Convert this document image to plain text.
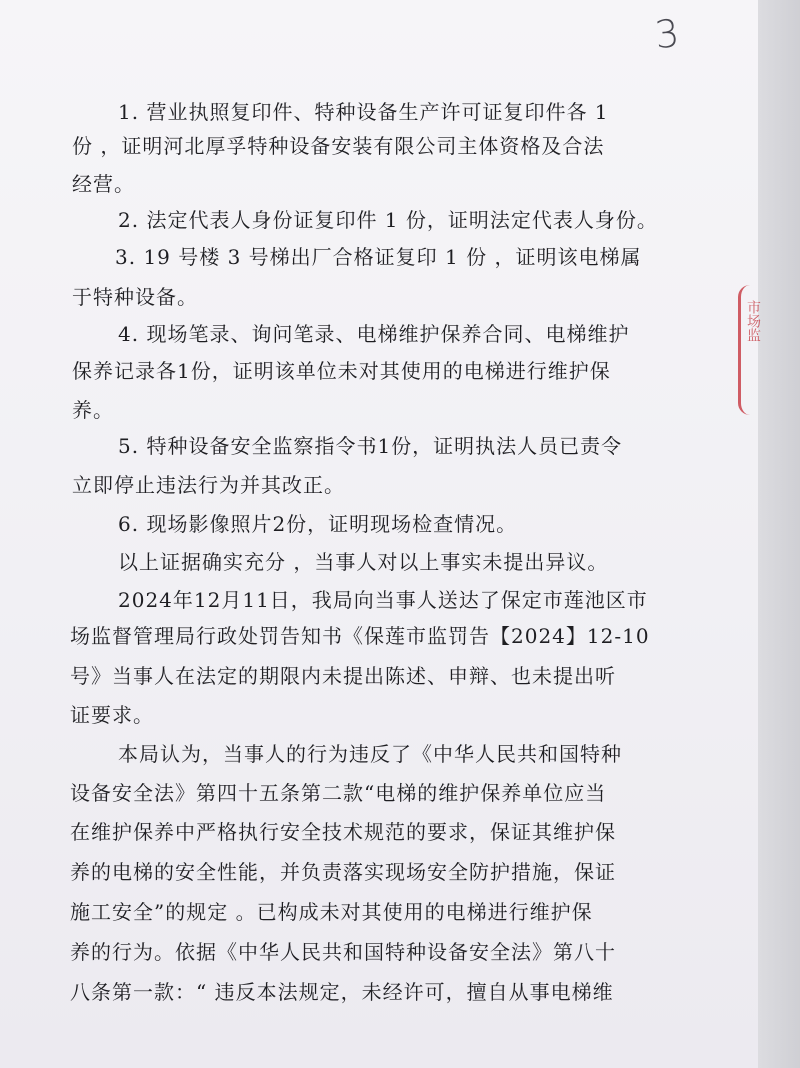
3
市场监
1. 营业执照复印件、特种设备生产许可证复印件各 1
份 ，证明河北厚孚特种设备安装有限公司主体资格及合法
经营。
2. 法定代表人身份证复印件 1 份，证明法定代表人身份。
3. 19 号楼 3 号梯出厂合格证复印 1 份 ，证明该电梯属
于特种设备。
4. 现场笔录、询问笔录、电梯维护保养合同、电梯维护
保养记录各1份，证明该单位未对其使用的电梯进行维护保
养。
5. 特种设备安全监察指令书1份，证明执法人员已责令
立即停止违法行为并其改正。
6. 现场影像照片2份，证明现场检查情况。
以上证据确实充分 ，当事人对以上事实未提出异议。
2024年12月11日，我局向当事人送达了保定市莲池区市
场监督管理局行政处罚告知书《保莲市监罚告【2024】12-10
号》当事人在法定的期限内未提出陈述、申辩、也未提出听
证要求。
本局认为，当事人的行为违反了《中华人民共和国特种
设备安全法》第四十五条第二款“电梯的维护保养单位应当
在维护保养中严格执行安全技术规范的要求，保证其维护保
养的电梯的安全性能，并负责落实现场安全防护措施，保证
施工安全”的规定 。已构成未对其使用的电梯进行维护保
养的行为。依据《中华人民共和国特种设备安全法》第八十
八条第一款：“ 违反本法规定，未经许可，擅自从事电梯维
